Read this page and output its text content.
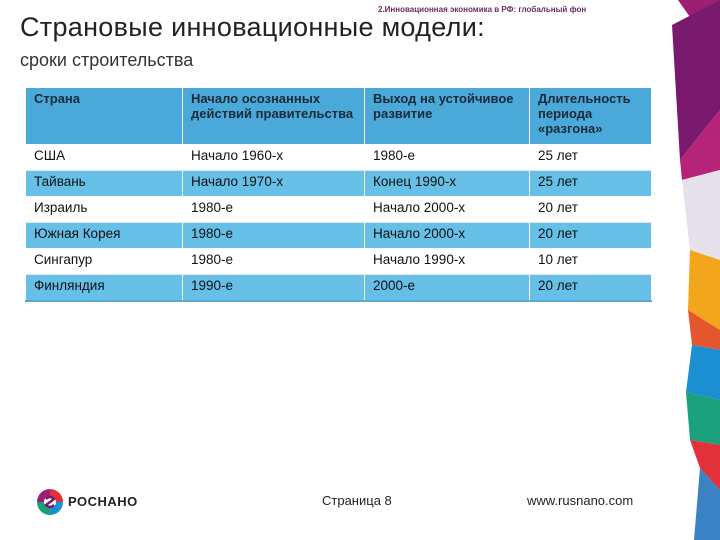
2.Инновационная экономика в РФ: глобальный фон
Страновые инновационные модели:
сроки строительства
Страна	Начало осознанных действий правительства	Выход на устойчивое развитие	Длительность периода «разгона»
США	Начало 1960-х	1980-е	25 лет
Тайвань	Начало 1970-х	Конец 1990-х	25 лет
Израиль	1980-е	Начало 2000-х	20 лет
Южная Корея	1980-е	Начало 2000-х	20 лет
Сингапур	1980-е	Начало 1990-х	10 лет
Финляндия	1990-е	2000-е	20 лет
РОСНАНО	Страница 8	www.rusnano.com
